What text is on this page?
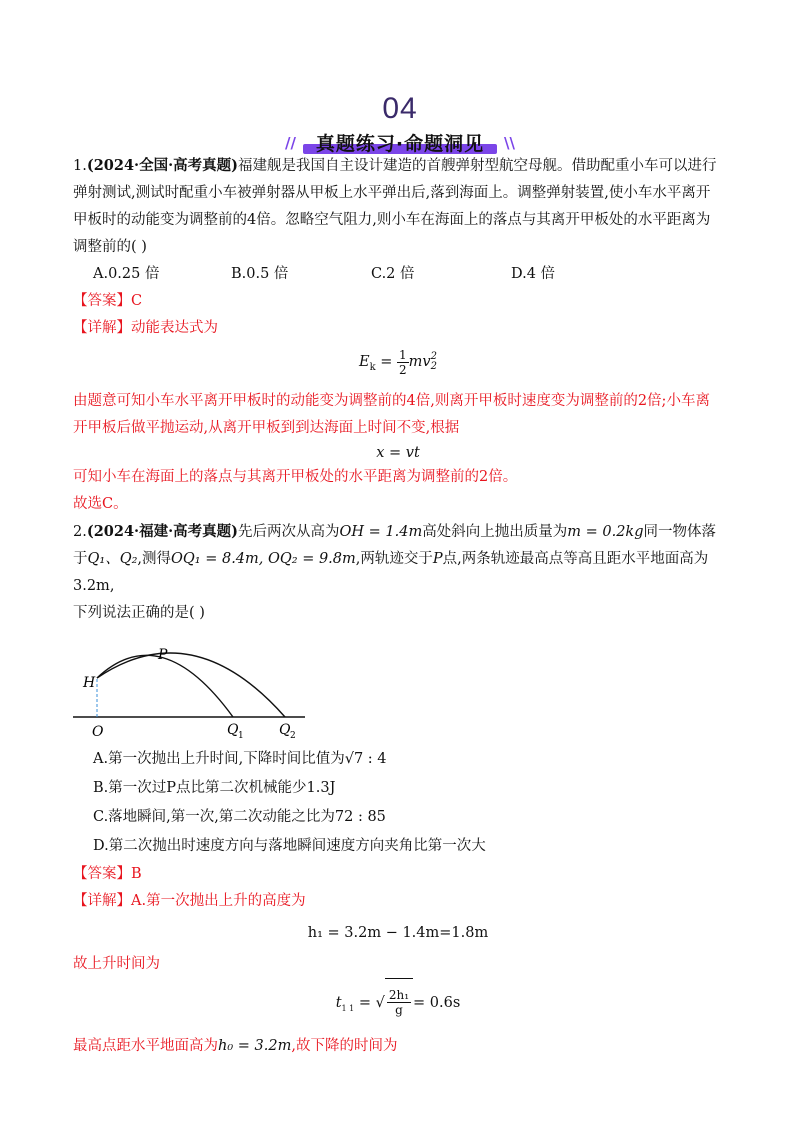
04
//	真题练习·命题洞见	\\

1.(2024·全国·高考真题)福建舰是我国自主设计建造的首艘弹射型航空母舰。借助配重小车可以进行弹射测试,测试时配重小车被弹射器从甲板上水平弹出后,落到海面上。调整弹射装置,使小车水平离开甲板时的动能变为调整前的4倍。忽略空气阻力,则小车在海面上的落点与其离开甲板处的水平距离为调整前的( )

A.0.25 倍	B.0.5 倍	C.2 倍	D.4 倍

【答案】C

【详解】动能表达式为

$E_k = \frac{1}{2}$ mv 2
2

由题意可知小车水平离开甲板时的动能变为调整前的4倍,则离开甲板时速度变为调整前的2倍;小车离开甲板后做平抛运动,从离开甲板到到达海面上时间不变,根据

x = vt

可知小车在海面上的落点与其离开甲板处的水平距离为调整前的2倍。

故选C。

2.(2024·福建·高考真题)先后两次从高为OH = 1.4m高处斜向上抛出质量为m = 0.2kg同一物体落于Q₁、Q₂,测得OQ₁ = 8.4m, OQ₂ = 9.8m,两轨迹交于P点,两条轨迹最高点等高且距水平地面高为3.2m,

下列说法正确的是( )

H
P
O	Q 1	Q 2

A.第一次抛出上升时间,下降时间比值为√7 : 4

B.第一次过P点比第二次机械能少1.3J

C.落地瞬间,第一次,第二次动能之比为72 : 85

D.第二次抛出时速度方向与落地瞬间速度方向夹角比第一次大

【答案】B

【详解】A.第一次抛出上升的高度为

h₁ = 3.2m − 1.4m=1.8m

故上升时间为

$t_{1 1}$ = √ $\frac{\text{2h₁}}{g} = 0.6s$

最高点距水平地面高为h₀ = 3.2m,故下降的时间为
